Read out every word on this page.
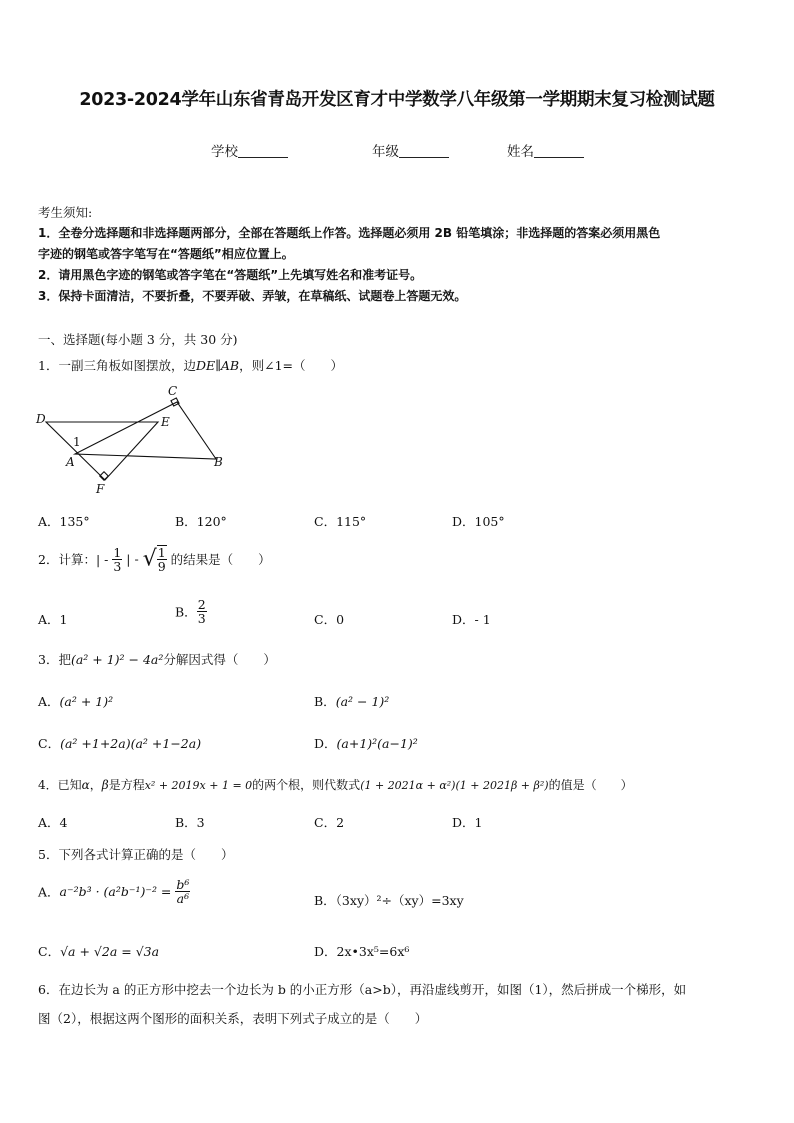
2023-2024学年山东省青岛开发区育才中学数学八年级第一学期期末复习检测试题
学校	年级	姓名
考生须知:
1．全卷分选择题和非选择题两部分，全部在答题纸上作答。选择题必须用 2B 铅笔填涂；非选择题的答案必须用黑色
字迹的钢笔或答字笔写在“答题纸”相应位置上。
2．请用黑色字迹的钢笔或答字笔在“答题纸”上先填写姓名和准考证号。
3．保持卡面清洁，不要折叠，不要弄破、弄皱，在草稿纸、试题卷上答题无效。
一、选择题(每小题 3 分，共 30 分)
1．一副三角板如图摆放，边DE∥AB，则∠1=（　　）
C
D	E
A	B
F
1
A．135°	B．120°	C．115°	D．105°
2．计算：| - $\frac{1}{3}$ | - √ $\frac{1}{9}$ 的结果是（　　）
A．1	B． $\frac{2}{3}$	C．0	D．- 1
3．把(a² + 1)² − 4a²分解因式得（　　）
A．(a² + 1)²	B．(a² − 1)²
C．(a² +1+2a)(a² +1−2a)	D．(a+1)²(a−1)²
4．已知α，β是方程x² + 2019x + 1 = 0的两个根，则代数式(1 + 2021α + α²)(1 + 2021β + β²)的值是（　　）
A．4	B．3	C．2	D．1
5．下列各式计算正确的是（　　）
A．$a^{-2}b^3 \cdot (a^2b^{-1})^{-2} = \frac{\text{b⁶}}{\text{a⁶}}$	B．（3xy）²÷（xy）=3xy
C．√a + √2a = √3a	D．2x•3x⁵=6x⁶
6．在边长为 a 的正方形中挖去一个边长为 b 的小正方形（a>b），再沿虚线剪开，如图（1），然后拼成一个梯形，如
图（2），根据这两个图形的面积关系，表明下列式子成立的是（　　）
